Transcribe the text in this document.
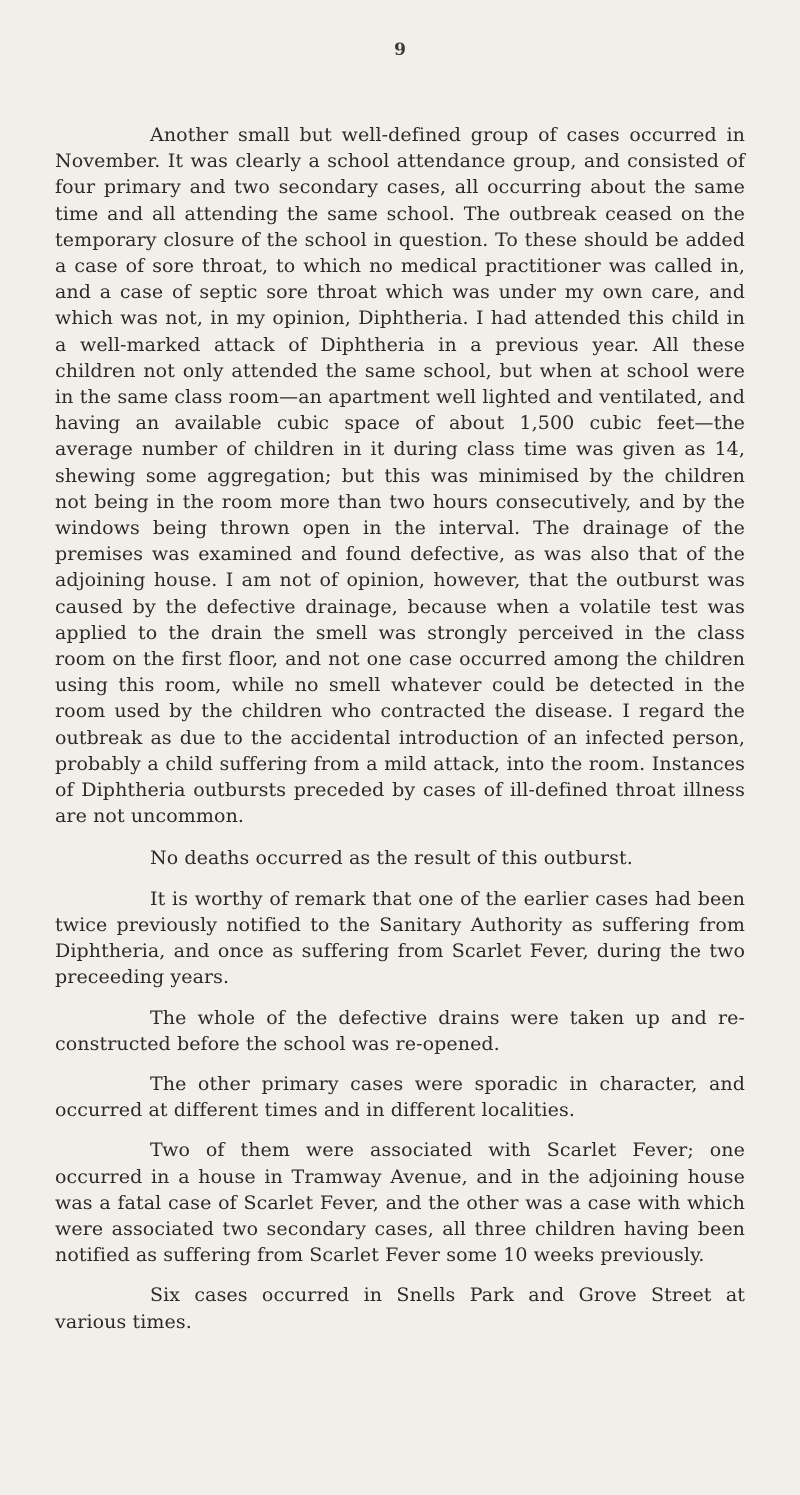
9

Another small but well-defined group of cases occurred in November. It was clearly a school attendance group, and consisted of four primary and two secondary cases, all occurring about the same time and all attending the same school. The outbreak ceased on the temporary closure of the school in question. To these should be added a case of sore throat, to which no medical practitioner was called in, and a case of septic sore throat which was under my own care, and which was not, in my opinion, Diphtheria. I had attended this child in a well-marked attack of Diphtheria in a previous year. All these children not only attended the same school, but when at school were in the same class room—an apartment well lighted and ventilated, and having an available cubic space of about 1,500 cubic feet—the average number of children in it during class time was given as 14, shewing some aggregation; but this was minimised by the children not being in the room more than two hours consecutively, and by the windows being thrown open in the interval. The drainage of the premises was examined and found defective, as was also that of the adjoining house. I am not of opinion, however, that the outburst was caused by the defective drainage, because when a volatile test was applied to the drain the smell was strongly perceived in the class room on the first floor, and not one case occurred among the children using this room, while no smell whatever could be detected in the room used by the children who contracted the disease. I regard the outbreak as due to the accidental introduction of an infected person, probably a child suffering from a mild attack, into the room. Instances of Diphtheria outbursts preceded by cases of ill-defined throat illness are not uncommon.

No deaths occurred as the result of this outburst.

It is worthy of remark that one of the earlier cases had been twice previously notified to the Sanitary Authority as suffering from Diphtheria, and once as suffering from Scarlet Fever, during the two preceeding years.

The whole of the defective drains were taken up and re-constructed before the school was re-opened.

The other primary cases were sporadic in character, and occurred at different times and in different localities.

Two of them were associated with Scarlet Fever; one occurred in a house in Tramway Avenue, and in the adjoining house was a fatal case of Scarlet Fever, and the other was a case with which were associated two secondary cases, all three children having been notified as suffering from Scarlet Fever some 10 weeks previously.

Six cases occurred in Snells Park and Grove Street at various times.
